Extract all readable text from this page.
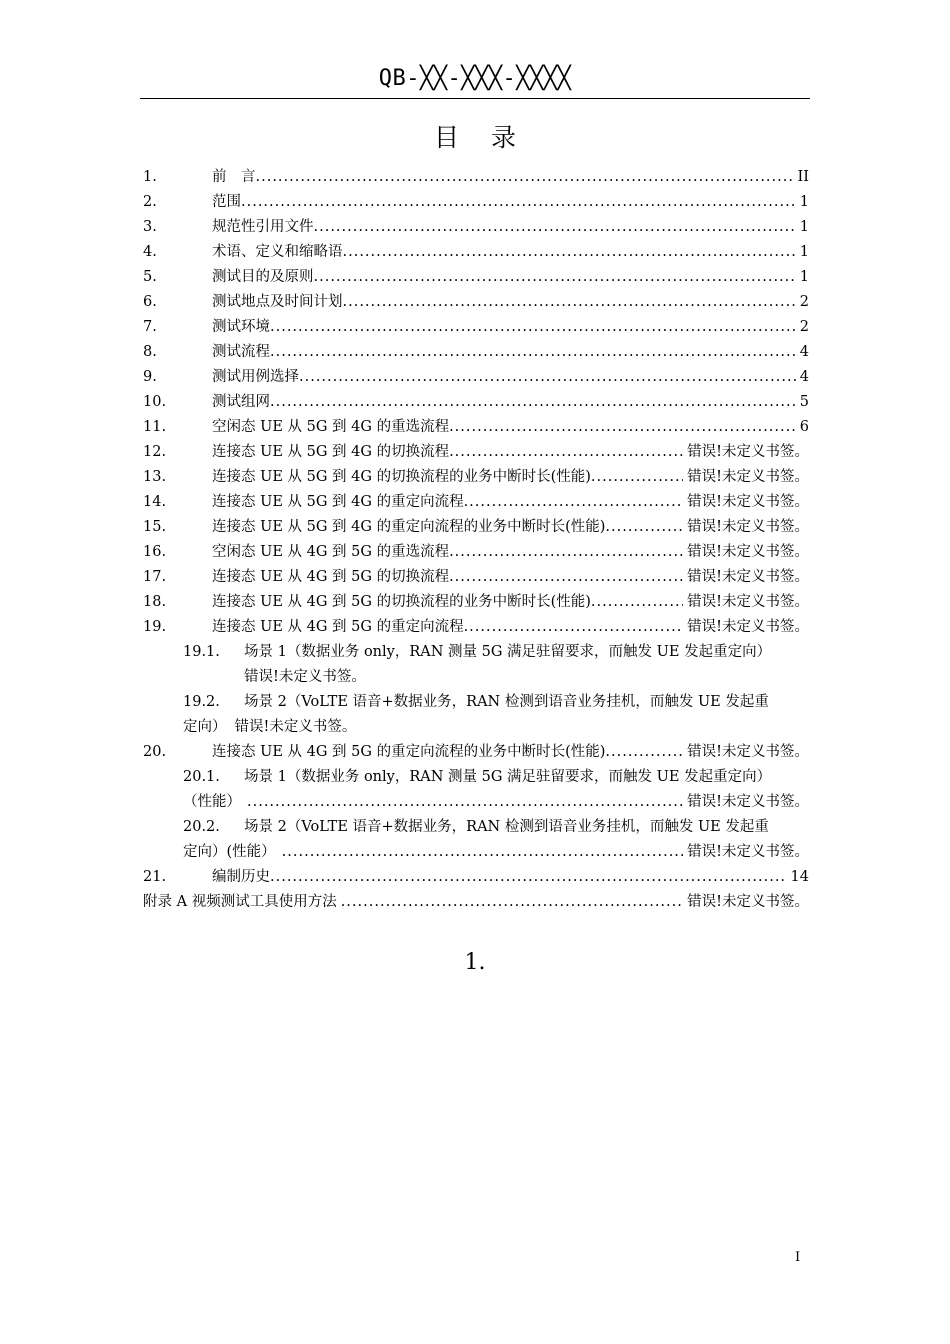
QB-╳╳-╳╳╳-╳╳╳╳
目录
1.	前　言 .....	II
2.	范围 .....	1
3.	规范性引用文件 .....	1
4.	术语、定义和缩略语 .....	1
5.	测试目的及原则 .....	1
6.	测试地点及时间计划 .....	2
7.	测试环境 .....	2
8.	测试流程 .....	4
9.	测试用例选择 .....	4
10.	测试组网 .....	5
11.	空闲态 UE 从 5G 到 4G 的重选流程 .....	6
12.	连接态 UE 从 5G 到 4G 的切换流程 .....	错误!未定义书签。
13.	连接态 UE 从 5G 到 4G 的切换流程的业务中断时长(性能) .....	错误!未定义书签。
14.	连接态 UE 从 5G 到 4G 的重定向流程 .....	错误!未定义书签。
15.	连接态 UE 从 5G 到 4G 的重定向流程的业务中断时长(性能) .....	错误!未定义书签。
16.	空闲态 UE 从 4G 到 5G 的重选流程 .....	错误!未定义书签。
17.	连接态 UE 从 4G 到 5G 的切换流程 .....	错误!未定义书签。
18.	连接态 UE 从 4G 到 5G 的切换流程的业务中断时长(性能) .....	错误!未定义书签。
19.	连接态 UE 从 4G 到 5G 的重定向流程 .....	错误!未定义书签。
19.1.	场景 1（数据业务 only，RAN 测量 5G 满足驻留要求，而触发 UE 发起重定向）
错误!未定义书签。
19.2.	场景 2（VoLTE 语音+数据业务，RAN 检测到语音业务挂机，而触发 UE 发起重
定向） 错误!未定义书签。
20.	连接态 UE 从 4G 到 5G 的重定向流程的业务中断时长(性能) .....	错误!未定义书签。
20.1.	场景 1（数据业务 only，RAN 测量 5G 满足驻留要求，而触发 UE 发起重定向）
（性能） .....	错误!未定义书签。
20.2.	场景 2（VoLTE 语音+数据业务，RAN 检测到语音业务挂机，而触发 UE 发起重
定向）(性能） .....	错误!未定义书签。
21.	编制历史 .....	14
附录 A 视频测试工具使用方法 .....	错误!未定义书签。
1.
I
